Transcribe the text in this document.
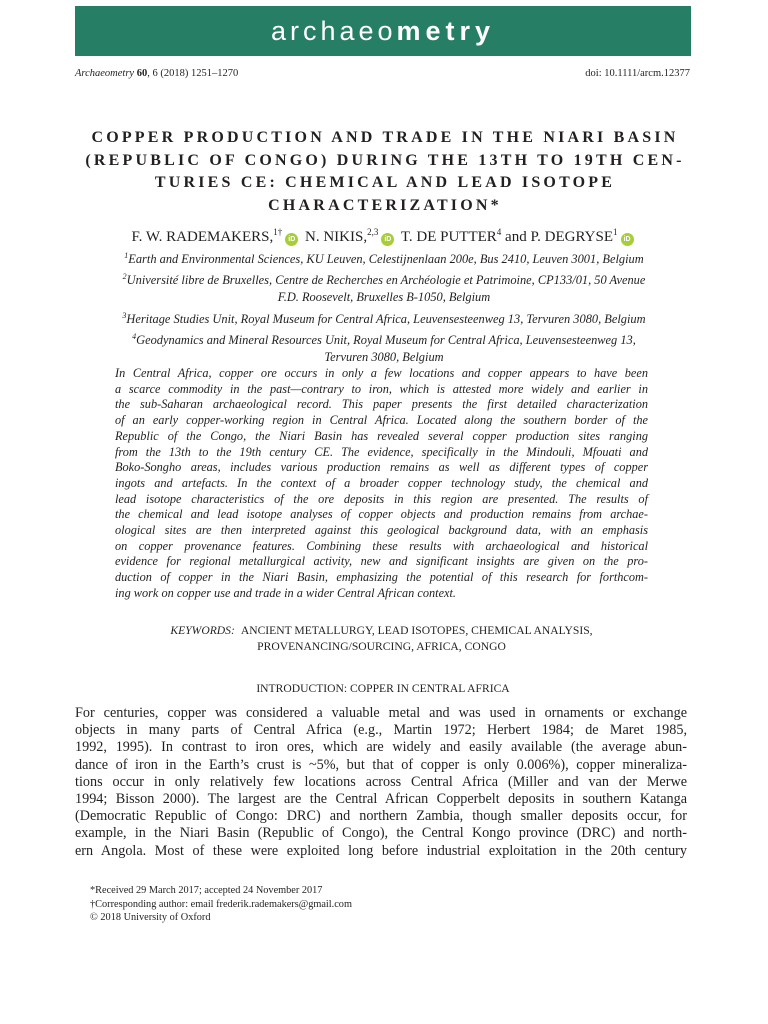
archaeometry
Archaeometry 60, 6 (2018) 1251–1270	doi: 10.1111/arcm.12377
COPPER PRODUCTION AND TRADE IN THE NIARI BASIN
(REPUBLIC OF CONGO) DURING THE 13TH TO 19TH CEN-
TURIES CE: CHEMICAL AND LEAD ISOTOPE
CHARACTERIZATION*
F. W. RADEMAKERS,$^{1\dagger}$iD N. NIKIS,$^{2,3}$iD T. DE PUTTER$^4$ and P. DEGRYSE$^1$iD
$^1$Earth and Environmental Sciences, KU Leuven, Celestijnenlaan 200e, Bus 2410, Leuven 3001, Belgium
$^2$Université libre de Bruxelles, Centre de Recherches en Archéologie et Patrimoine, CP133/01, 50 Avenue
F.D. Roosevelt, Bruxelles B-1050, Belgium
$^3$Heritage Studies Unit, Royal Museum for Central Africa, Leuvensesteenweg 13, Tervuren 3080, Belgium
$^4$Geodynamics and Mineral Resources Unit, Royal Museum for Central Africa, Leuvensesteenweg 13,
Tervuren 3080, Belgium
In Central Africa, copper ore occurs in only a few locations and copper appears to have been
a scarce commodity in the past—contrary to iron, which is attested more widely and earlier in
the sub-Saharan archaeological record. This paper presents the first detailed characterization
of an early copper-working region in Central Africa. Located along the southern border of the
Republic of the Congo, the Niari Basin has revealed several copper production sites ranging
from the 13th to the 19th century CE. The evidence, specifically in the Mindouli, Mfouati and
Boko-Songho areas, includes various production remains as well as different types of copper
ingots and artefacts. In the context of a broader copper technology study, the chemical and
lead isotope characteristics of the ore deposits in this region are presented. The results of
the chemical and lead isotope analyses of copper objects and production remains from archae-
ological sites are then interpreted against this geological background data, with an emphasis
on copper provenance features. Combining these results with archaeological and historical
evidence for regional metallurgical activity, new and significant insights are given on the pro-
duction of copper in the Niari Basin, emphasizing the potential of this research for forthcom-
ing work on copper use and trade in a wider Central African context.
KEYWORDS: ANCIENT METALLURGY, LEAD ISOTOPES, CHEMICAL ANALYSIS,
PROVENANCING/SOURCING, AFRICA, CONGO
INTRODUCTION: COPPER IN CENTRAL AFRICA
For centuries, copper was considered a valuable metal and was used in ornaments or exchange
objects in many parts of Central Africa (e.g., Martin 1972; Herbert 1984; de Maret 1985,
1992, 1995). In contrast to iron ores, which are widely and easily available (the average abun-
dance of iron in the Earth’s crust is ~5%, but that of copper is only 0.006%), copper mineraliza-
tions occur in only relatively few locations across Central Africa (Miller and van der Merwe
1994; Bisson 2000). The largest are the Central African Copperbelt deposits in southern Katanga
(Democratic Republic of Congo: DRC) and northern Zambia, though smaller deposits occur, for
example, in the Niari Basin (Republic of Congo), the Central Kongo province (DRC) and north-
ern Angola. Most of these were exploited long before industrial exploitation in the 20th century
*Received 29 March 2017; accepted 24 November 2017
†Corresponding author: email frederik.rademakers@gmail.com
© 2018 University of Oxford
